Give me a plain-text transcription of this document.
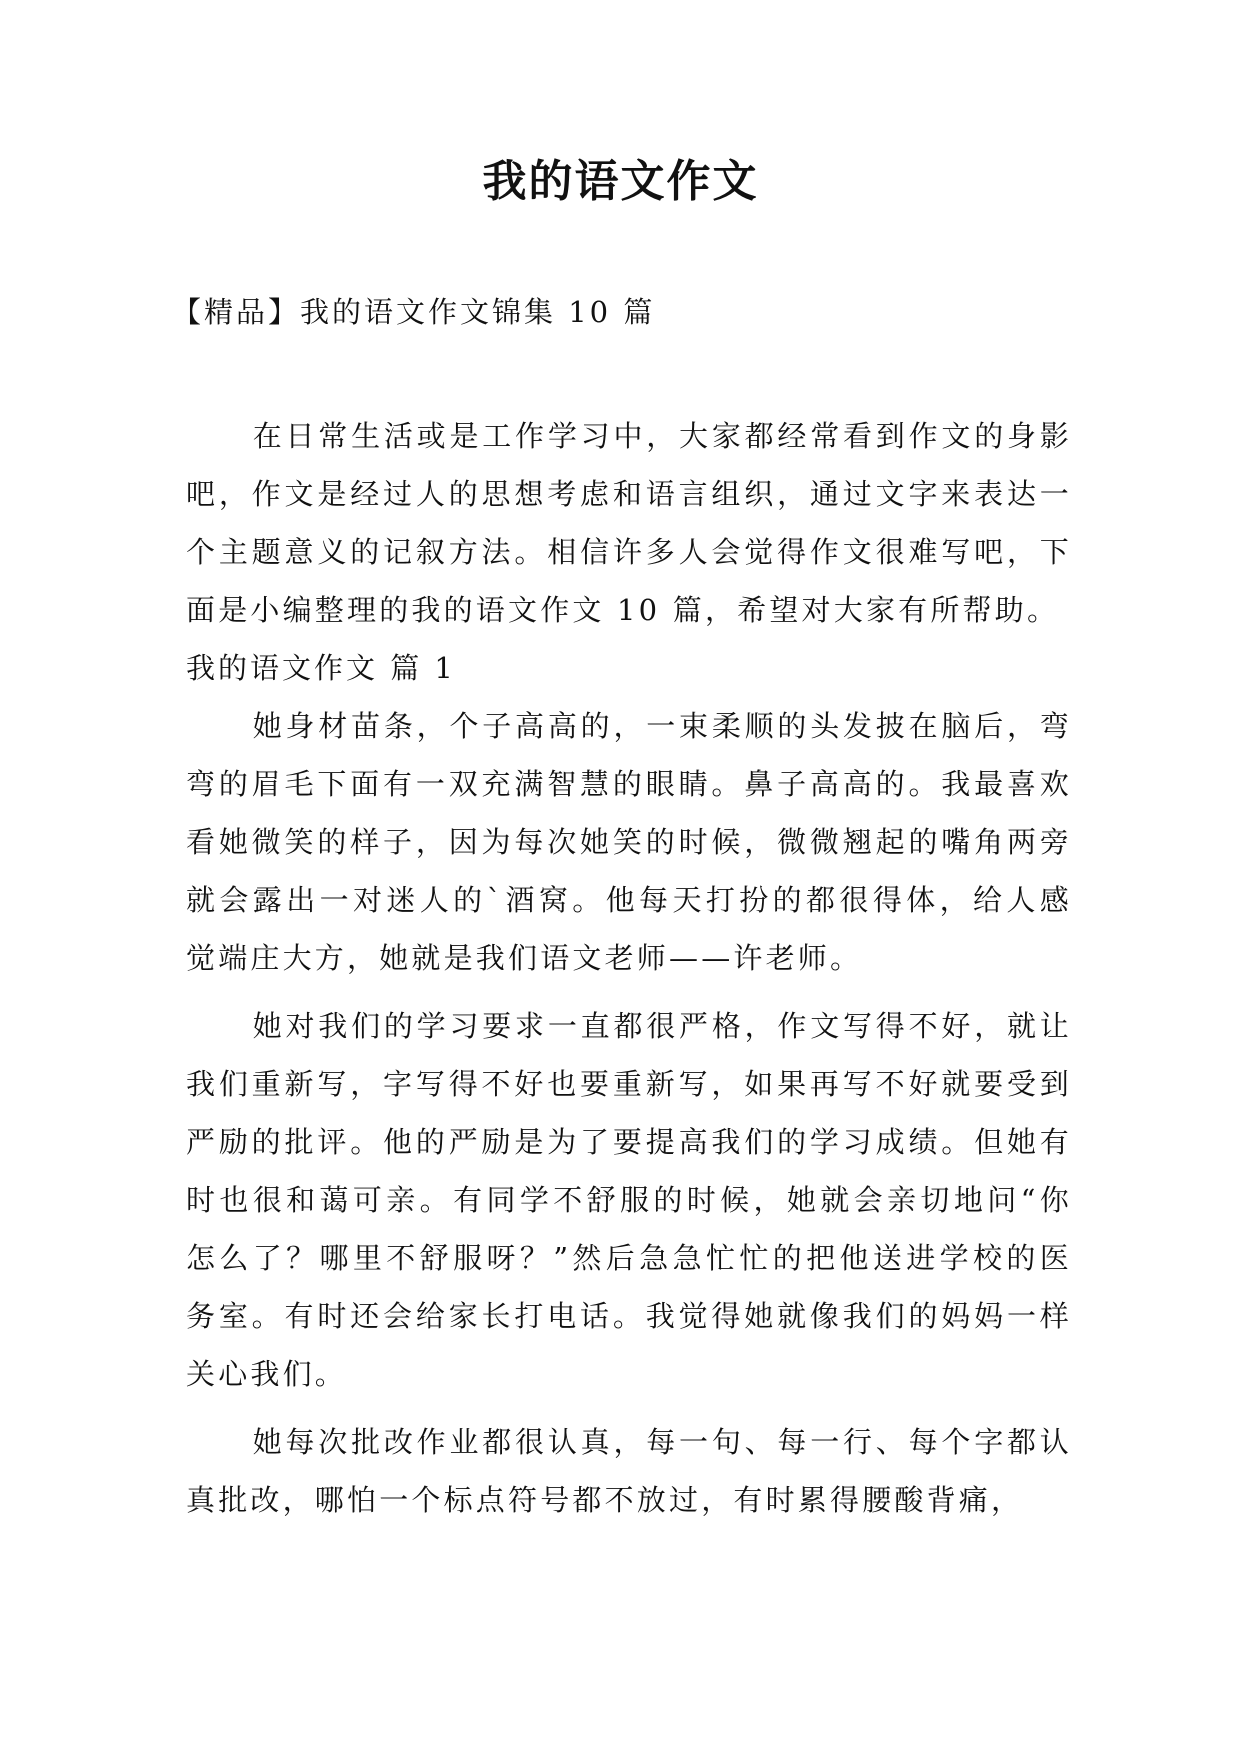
我的语文作文
【精品】我的语文作文锦集 10 篇

在日常生活或是工作学习中，大家都经常看到作文的身影吧，作文是经过人的思想考虑和语言组织，通过文字来表达一个主题意义的记叙方法。相信许多人会觉得作文很难写吧，下面是小编整理的我的语文作文 10 篇，希望对大家有所帮助。

我的语文作文 篇 1

她身材苗条，个子高高的，一束柔顺的头发披在脑后，弯弯的眉毛下面有一双充满智慧的眼睛。鼻子高高的。我最喜欢看她微笑的样子，因为每次她笑的时候，微微翘起的嘴角两旁就会露出一对迷人的`酒窝。他每天打扮的都很得体，给人感觉端庄大方，她就是我们语文老师——许老师。

她对我们的学习要求一直都很严格，作文写得不好，就让我们重新写，字写得不好也要重新写，如果再写不好就要受到严励的批评。他的严励是为了要提高我们的学习成绩。但她有时也很和蔼可亲。有同学不舒服的时候，她就会亲切地问“你怎么了？哪里不舒服呀？”然后急急忙忙的把他送进学校的医务室。有时还会给家长打电话。我觉得她就像我们的妈妈一样关心我们。

她每次批改作业都很认真，每一句、每一行、每个字都认真批改，哪怕一个标点符号都不放过，有时累得腰酸背痛，
